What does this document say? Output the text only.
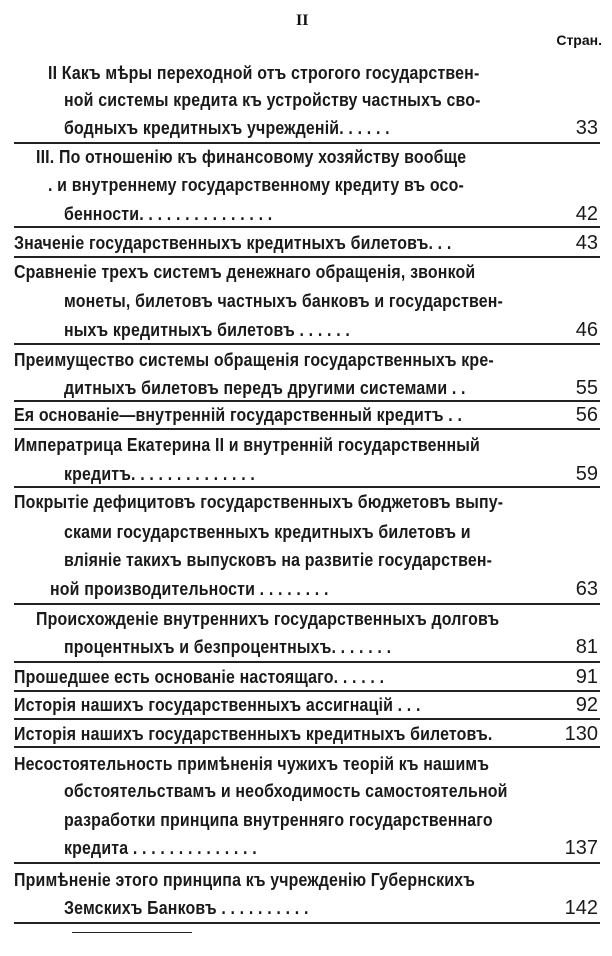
II
Стран.
II Какъ мѣры переходной отъ строгого государствен-
ной системы кредита къ устройству частныхъ сво-
бодныхъ кредитныхъ учрежденій. . . . . .	33
III. По отношенію къ финансовому хозяйству вообще
. и внутреннему государственному кредиту въ осо-
бенности. . . . . . . . . . . . . . .	42
Значеніе государственныхъ кредитныхъ билетовъ. . .	43
Сравненіе трехъ системъ денежнаго обращенія, звонкой
монеты, билетовъ частныхъ банковъ и государствен-
ныхъ кредитныхъ билетовъ . . . . . .	46
Преимущество системы обращенія государственныхъ кре-
дитныхъ билетовъ передъ другими системами . .	55
Ея основаніе—внутренній государственный кредитъ . .	56
Императрица Екатерина II и внутренній государственный
кредитъ. . . . . . . . . . . . . .	59
Покрытіе дефицитовъ государственныхъ бюджетовъ выпу-
сками государственныхъ кредитныхъ билетовъ и
вліяніе такихъ выпусковъ на развитіе государствен-
ной производительности . . . . . . . .	63
Происхожденіе внутреннихъ государственныхъ долговъ
процентныхъ и безпроцентныхъ. . . . . . .	81
Прошедшее есть основаніе настоящаго. . . . . .	91
Исторія нашихъ государственныхъ ассигнацій . . .	92
Исторія нашихъ государственныхъ кредитныхъ билетовъ.	130
Несостоятельность примѣненія чужихъ теорій къ нашимъ
обстоятельствамъ и необходимость самостоятельной
разработки принципа внутренняго государственнаго
кредита . . . . . . . . . . . . . .	137
Примѣненіе этого принципа къ учрежденію Губернскихъ
Земскихъ Банковъ . . . . . . . . . .	142
